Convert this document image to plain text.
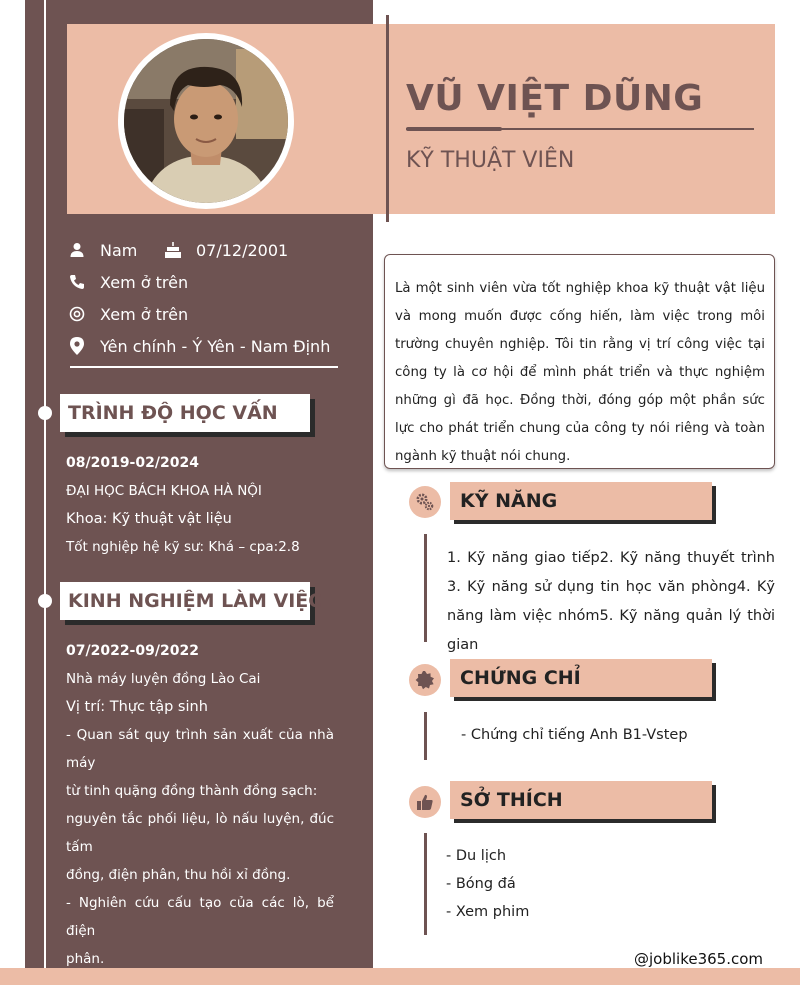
VŨ VIỆT DŨNG
KỸ THUẬT VIÊN
Nam	07/12/2001
Xem ở trên
Xem ở trên
Yên chính - Ý Yên - Nam Định
TRÌNH ĐỘ HỌC VẤN
08/2019-02/2024
ĐẠI HỌC BÁCH KHOA HÀ NỘI
Khoa: Kỹ thuật vật liệu
Tốt nghiệp hệ kỹ sư: Khá – cpa:2.8
KINH NGHIỆM LÀM VIỆC
07/2022-09/2022
Nhà máy luyện đồng Lào Cai
Vị trí: Thực tập sinh
- Quan sát quy trình sản xuất của nhà
máy
từ tinh quặng đồng thành đồng sạch:
nguyên tắc phối liệu, lò nấu luyện, đúc
tấm
đồng, điện phân, thu hồi xỉ đồng.
- Nghiên cứu cấu tạo của các lò, bể điện
phân.
Là một sinh viên vừa tốt nghiệp khoa kỹ thuật vật liệu và mong muốn được cống hiến, làm việc trong môi trường chuyên nghiệp. Tôi tin rằng vị trí công việc tại công ty là cơ hội để mình phát triển và thực nghiệm những gì đã học. Đồng thời, đóng góp một phần sức lực cho phát triển chung của công ty nói riêng và toàn ngành kỹ thuật nói chung.
KỸ NĂNG
1. Kỹ năng giao tiếp2. Kỹ năng thuyết trình 3. Kỹ năng sử dụng tin học văn phòng4. Kỹ năng làm việc nhóm5. Kỹ năng quản lý thời gian
CHỨNG CHỈ
- Chứng chỉ tiếng Anh B1-Vstep
SỞ THÍCH
- Du lịch
- Bóng đá
- Xem phim
@joblike365.com
